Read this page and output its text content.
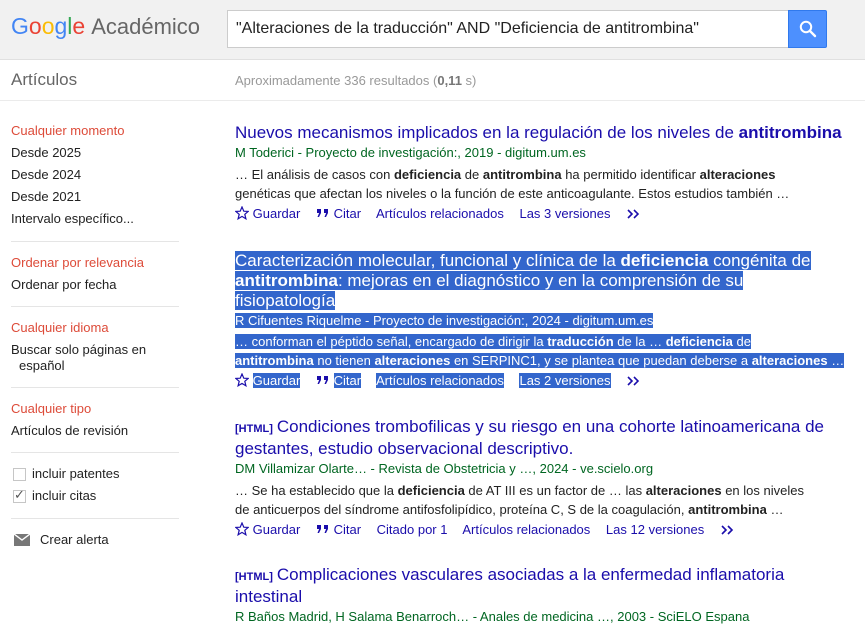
Google Académico
"Alteraciones de la traducción" AND "Deficiencia de antitrombina"
Artículos	Aproximadamente 336 resultados (0,11 s)
Cualquier momento
Desde 2025
Desde 2024
Desde 2021
Intervalo específico...
Ordenar por relevancia
Ordenar por fecha
Cualquier idioma
Buscar solo páginas en
español
Cualquier tipo
Artículos de revisión
incluir patentes
✓
incluir citas
Crear alerta
Nuevos mecanismos implicados en la regulación de los niveles de antitrombina
M Toderici - Proyecto de investigación:, 2019 - digitum.um.es
… El análisis de casos con deficiencia de antitrombina ha permitido identificar alteraciones
genéticas que afectan los niveles o la función de este anticoagulante. Estos estudios también …
Guardar	Citar Artículos relacionados Las 3 versiones
Caracterización molecular, funcional y clínica de la deficiencia congénita de
antitrombina: mejoras en el diagnóstico y en la comprensión de su
fisiopatología
R Cifuentes Riquelme - Proyecto de investigación:, 2024 - digitum.um.es
… conforman el péptido señal, encargado de dirigir la traducción de la … deficiencia de
antitrombina no tienen alteraciones en SERPINC1, y se plantea que puedan deberse a alteraciones …
Guardar	Citar Artículos relacionados Las 2 versiones
[HTML] Condiciones trombofilicas y su riesgo en una cohorte latinoamericana de
gestantes, estudio observacional descriptivo.
DM Villamizar Olarte… - Revista de Obstetricia y …, 2024 - ve.scielo.org
… Se ha establecido que la deficiencia de AT III es un factor de … las alteraciones en los niveles
de anticuerpos del síndrome antifosfolipídico, proteína C, S de la coagulación, antitrombina …
Guardar	Citar Citado por 1 Artículos relacionados Las 12 versiones
[HTML] Complicaciones vasculares asociadas a la enfermedad inflamatoria
intestinal
R Baños Madrid, H Salama Benarroch… - Anales de medicina …, 2003 - SciELO Espana
